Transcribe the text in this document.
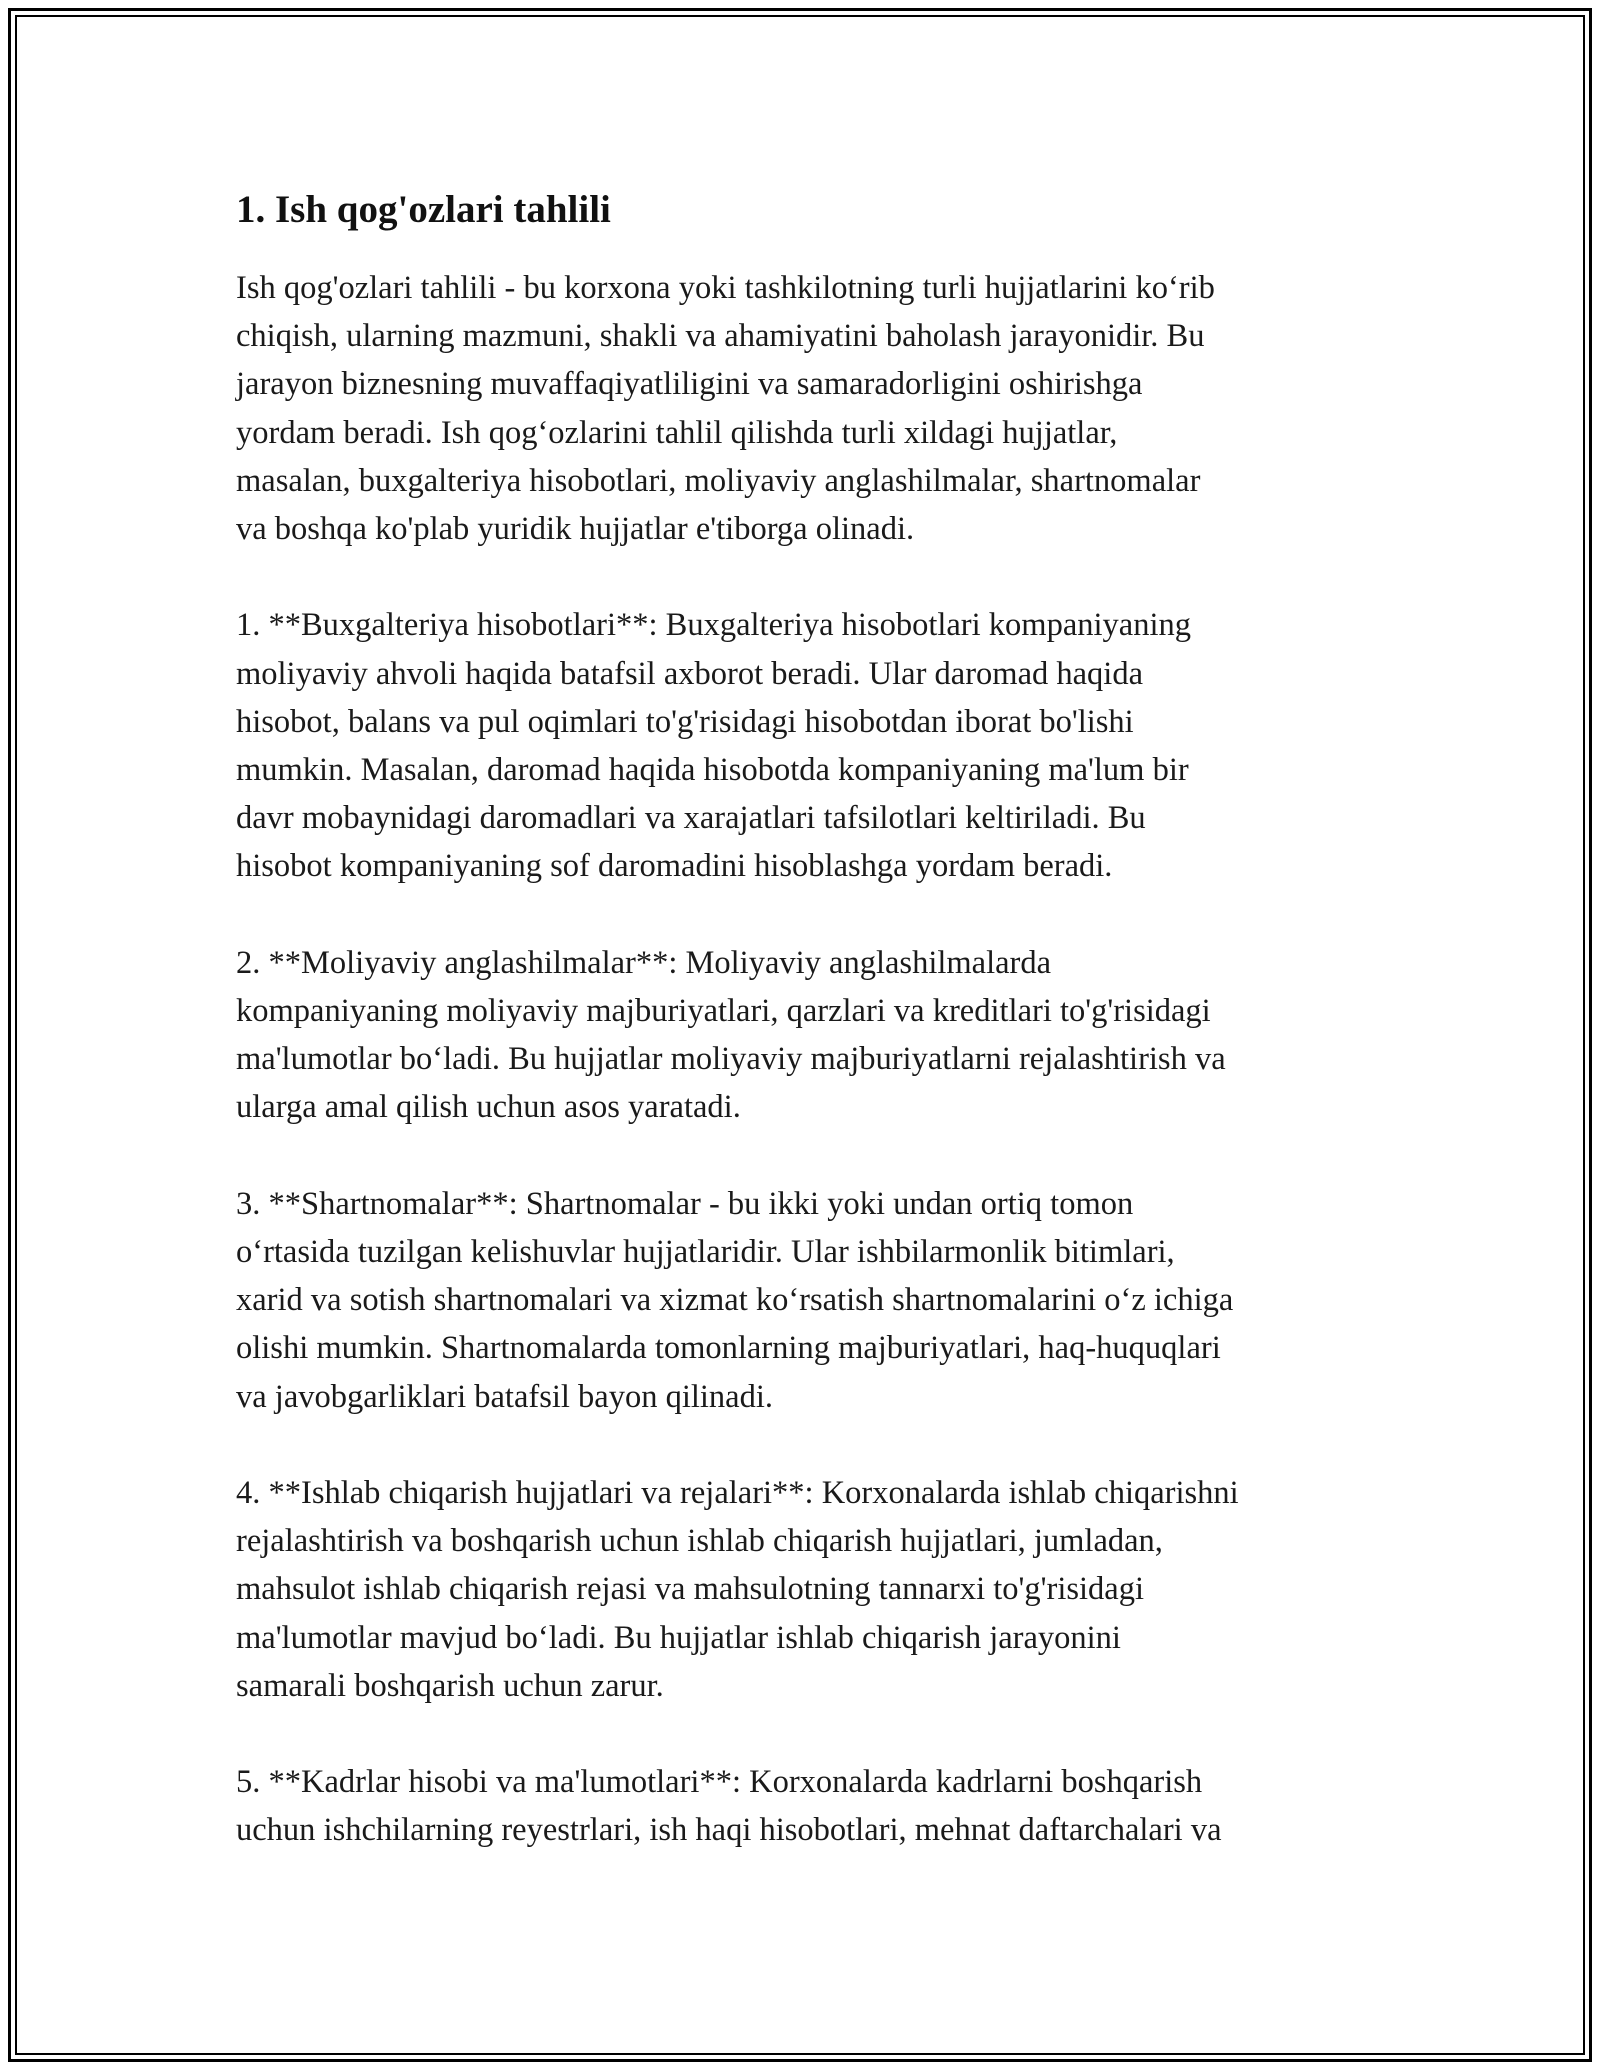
1. Ish qog'ozlari tahlili

Ish qog'ozlari tahlili - bu korxona yoki tashkilotning turli hujjatlarini ko‘rib
chiqish, ularning mazmuni, shakli va ahamiyatini baholash jarayonidir. Bu
jarayon biznesning muvaffaqiyatliligini va samaradorligini oshirishga
yordam beradi. Ish qog‘ozlarini tahlil qilishda turli xildagi hujjatlar,
masalan, buxgalteriya hisobotlari, moliyaviy anglashilmalar, shartnomalar
va boshqa ko'plab yuridik hujjatlar e'tiborga olinadi.

1. **Buxgalteriya hisobotlari**: Buxgalteriya hisobotlari kompaniyaning
moliyaviy ahvoli haqida batafsil axborot beradi. Ular daromad haqida
hisobot, balans va pul oqimlari to'g'risidagi hisobotdan iborat bo'lishi
mumkin. Masalan, daromad haqida hisobotda kompaniyaning ma'lum bir
davr mobaynidagi daromadlari va xarajatlari tafsilotlari keltiriladi. Bu
hisobot kompaniyaning sof daromadini hisoblashga yordam beradi.

2. **Moliyaviy anglashilmalar**: Moliyaviy anglashilmalarda
kompaniyaning moliyaviy majburiyatlari, qarzlari va kreditlari to'g'risidagi
ma'lumotlar bo‘ladi. Bu hujjatlar moliyaviy majburiyatlarni rejalashtirish va
ularga amal qilish uchun asos yaratadi.

3. **Shartnomalar**: Shartnomalar - bu ikki yoki undan ortiq tomon
o‘rtasida tuzilgan kelishuvlar hujjatlaridir. Ular ishbilarmonlik bitimlari,
xarid va sotish shartnomalari va xizmat ko‘rsatish shartnomalarini o‘z ichiga
olishi mumkin. Shartnomalarda tomonlarning majburiyatlari, haq-huquqlari
va javobgarliklari batafsil bayon qilinadi.

4. **Ishlab chiqarish hujjatlari va rejalari**: Korxonalarda ishlab chiqarishni
rejalashtirish va boshqarish uchun ishlab chiqarish hujjatlari, jumladan,
mahsulot ishlab chiqarish rejasi va mahsulotning tannarxi to'g'risidagi
ma'lumotlar mavjud bo‘ladi. Bu hujjatlar ishlab chiqarish jarayonini
samarali boshqarish uchun zarur.

5. **Kadrlar hisobi va ma'lumotlari**: Korxonalarda kadrlarni boshqarish
uchun ishchilarning reyestrlari, ish haqi hisobotlari, mehnat daftarchalari va
